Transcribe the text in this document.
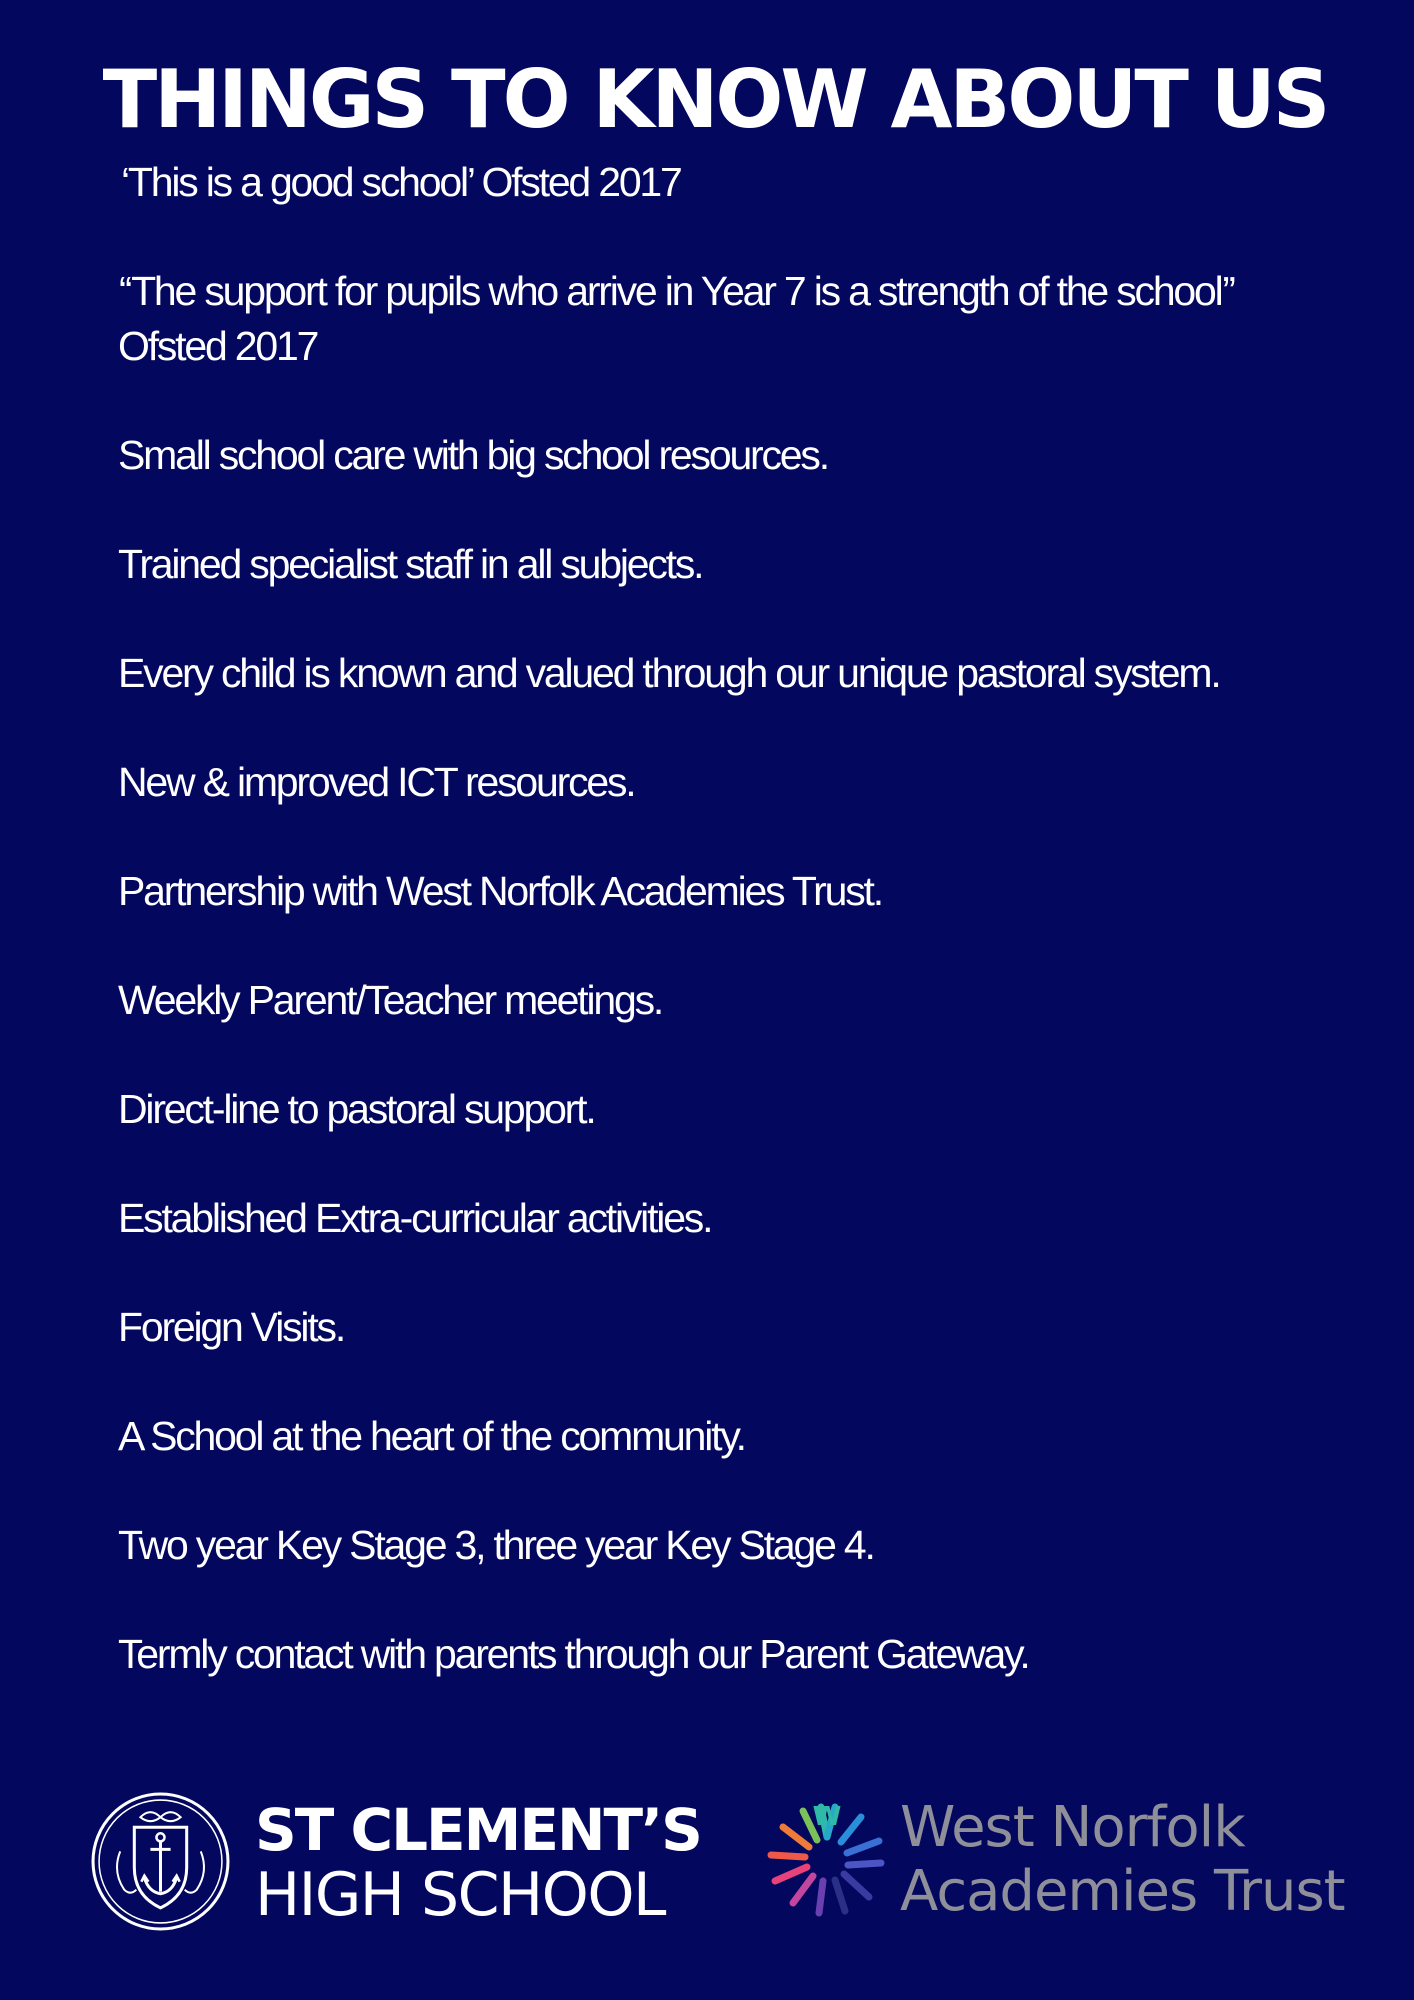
THINGS TO KNOW ABOUT US
‘This is a good school’ Ofsted 2017
‘‘The support for pupils who arrive in Year 7 is a strength of the school’’ Ofsted 2017
Small school care with big school resources.
Trained specialist staff in all subjects.
Every child is known and valued through our unique pastoral system.
New & improved ICT resources.
Partnership with West Norfolk Academies Trust.
Weekly Parent/Teacher meetings.
Direct-line to pastoral support.
Established Extra-curricular activities.
Foreign Visits.
A School at the heart of the community.
Two year Key Stage 3, three year Key Stage 4.
Termly contact with parents through our Parent Gateway.
ST CLEMENT’S
HIGH SCHOOL
W West Norfolk
Academies Trust
